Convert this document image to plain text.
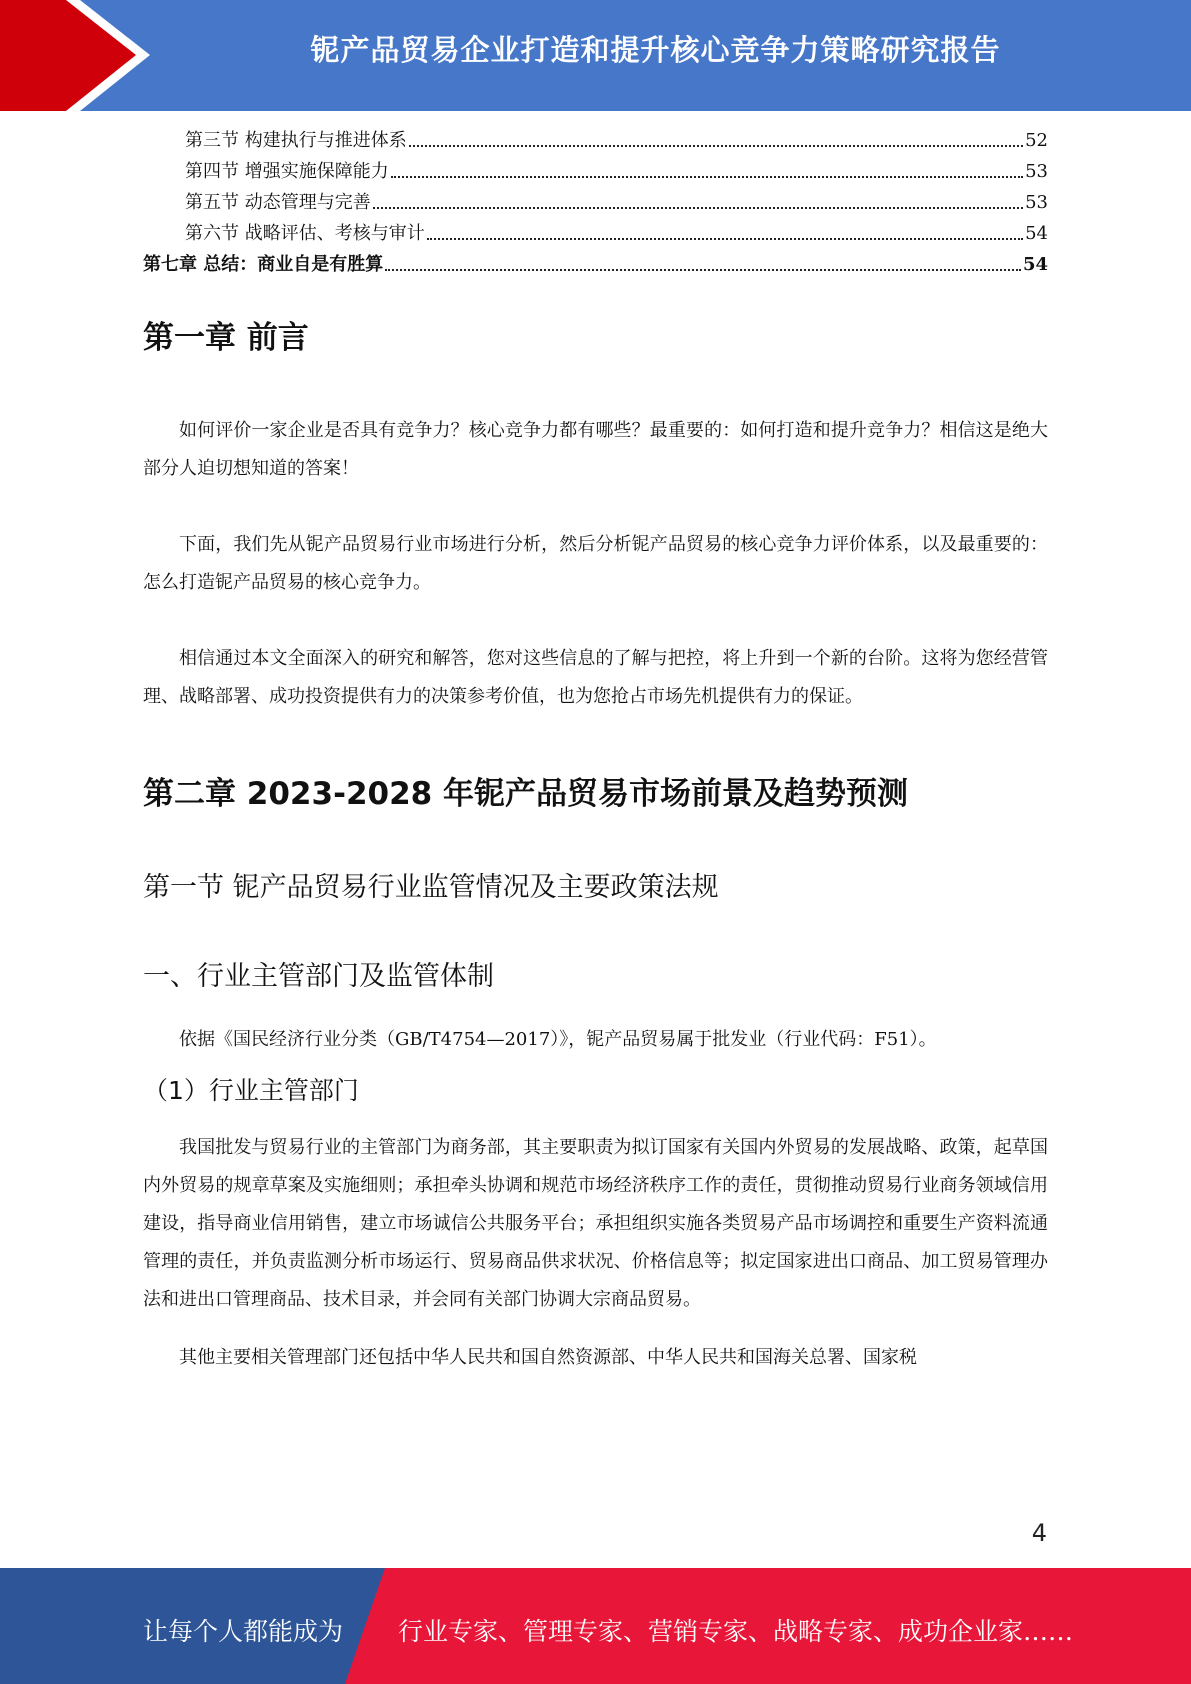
铌产品贸易企业打造和提升核心竞争力策略研究报告
第三节 构建执行与推进体系	52
第四节 增强实施保障能力	53
第五节 动态管理与完善	53
第六节 战略评估、考核与审计	54
第七章 总结：商业自是有胜算	54
第一章 前言

如何评价一家企业是否具有竞争力？核心竞争力都有哪些？最重要的：如何打造和提升竞争力？相信这是绝大部分人迫切想知道的答案！

下面，我们先从铌产品贸易行业市场进行分析，然后分析铌产品贸易的核心竞争力评价体系，以及最重要的：怎么打造铌产品贸易的核心竞争力。

相信通过本文全面深入的研究和解答，您对这些信息的了解与把控，将上升到一个新的台阶。这将为您经营管理、战略部署、成功投资提供有力的决策参考价值，也为您抢占市场先机提供有力的保证。

第二章 2023-2028 年铌产品贸易市场前景及趋势预测
第一节 铌产品贸易行业监管情况及主要政策法规
一、行业主管部门及监管体制

依据《国民经济行业分类（GB/T4754—2017）》，铌产品贸易属于批发业（行业代码：F51）。

（1）行业主管部门

我国批发与贸易行业的主管部门为商务部，其主要职责为拟订国家有关国内外贸易的发展战略、政策，起草国内外贸易的规章草案及实施细则；承担牵头协调和规范市场经济秩序工作的责任，贯彻推动贸易行业商务领域信用建设，指导商业信用销售，建立市场诚信公共服务平台；承担组织实施各类贸易产品市场调控和重要生产资料流通管理的责任，并负责监测分析市场运行、贸易商品供求状况、价格信息等；拟定国家进出口商品、加工贸易管理办法和进出口管理商品、技术目录，并会同有关部门协调大宗商品贸易。

其他主要相关管理部门还包括中华人民共和国自然资源部、中华人民共和国海关总署、国家税

4
让每个人都能成为 行业专家、管理专家、营销专家、战略专家、成功企业家……
